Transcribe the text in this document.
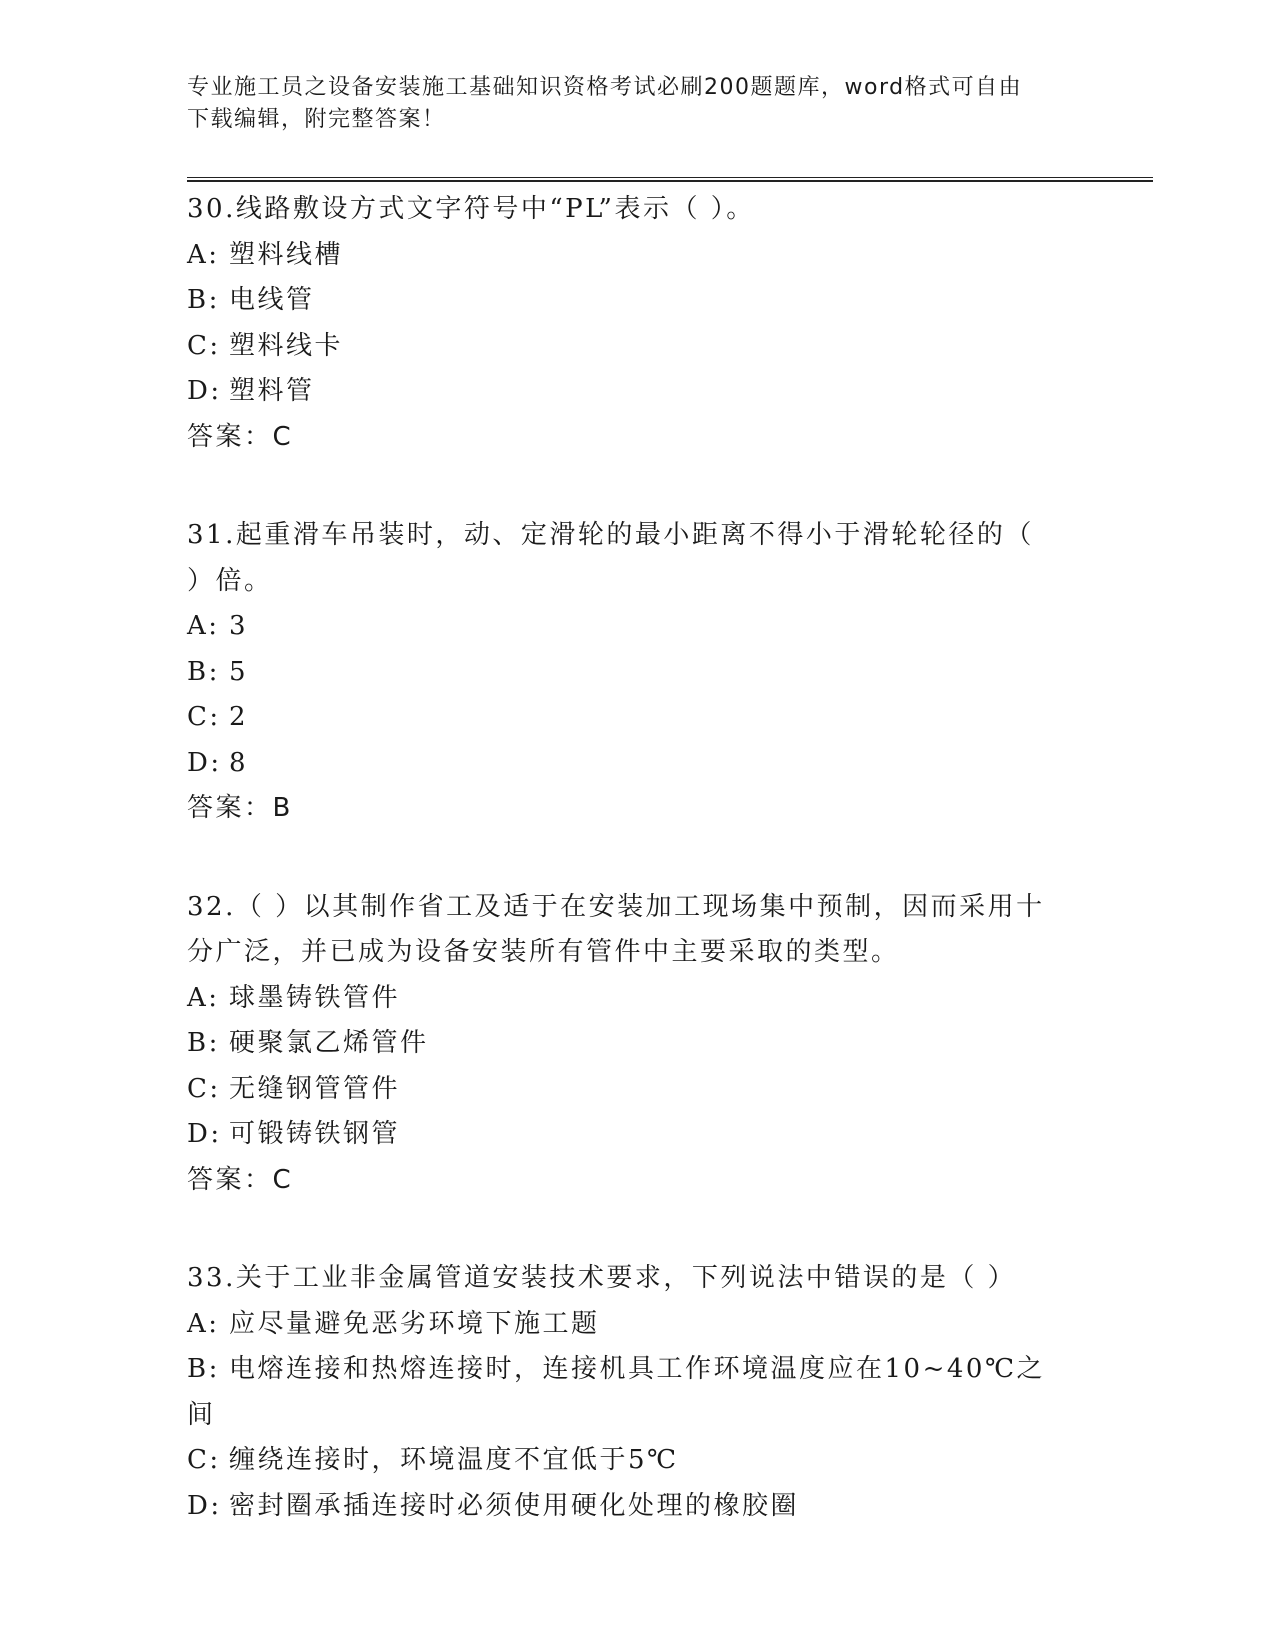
专业施工员之设备安装施工基础知识资格考试必刷200题题库，word格式可自由
下载编辑，附完整答案！
30.线路敷设方式文字符号中“PL”表示（ ）。
A: 塑料线槽
B: 电线管
C: 塑料线卡
D: 塑料管
答案：C
31.起重滑车吊装时，动、定滑轮的最小距离不得小于滑轮轮径的（
）倍。
A: 3
B: 5
C: 2
D: 8
答案：B
32.（ ）以其制作省工及适于在安装加工现场集中预制，因而采用十
分广泛，并已成为设备安装所有管件中主要采取的类型。
A: 球墨铸铁管件
B: 硬聚氯乙烯管件
C: 无缝钢管管件
D: 可锻铸铁钢管
答案：C
33.关于工业非金属管道安装技术要求，下列说法中错误的是（ ）
A: 应尽量避免恶劣环境下施工题
B: 电熔连接和热熔连接时，连接机具工作环境温度应在10~40℃之间
C: 缠绕连接时，环境温度不宜低于5℃
D: 密封圈承插连接时必须使用硬化处理的橡胶圈
